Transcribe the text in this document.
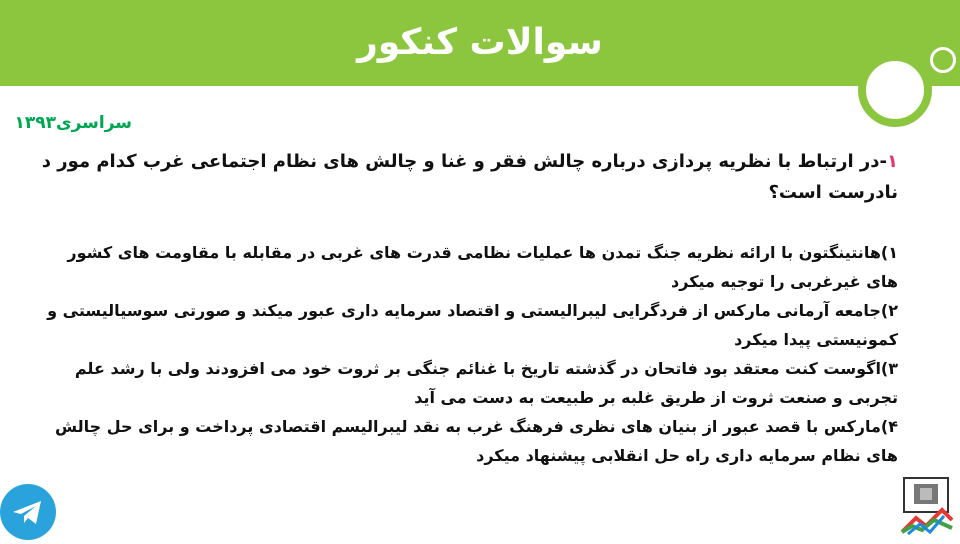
سوالات کنکور
سراسری۱۳۹۳
۱-در ارتباط با نظریه پردازی درباره چالش فقر و غنا و چالش های نظام اجتماعی غرب کدام مور د نادرست است؟
۱)هانتینگتون با ارائه نظریه جنگ تمدن ها عملیات نظامی قدرت های غربی در مقابله با مقاومت های کشور های غیرغربی را توجیه میکرد
۲)جامعه آرمانی مارکس از فردگرایی لیبرالیستی و اقتصاد سرمایه داری عبور میکند و صورتی سوسیالیستی و کمونیستی پیدا میکرد
۳)اگوست کنت معتقد بود فاتحان در گذشته تاریخ با غنائم جنگی بر ثروت خود می افزودند ولی با رشد علم تجربی و صنعت ثروت از طریق غلبه بر طبیعت به دست می آید
۴)مارکس با قصد عبور از بنیان های نظری فرهنگ غرب به نقد لیبرالیسم اقتصادی پرداخت و برای حل چالش های نظام سرمایه داری راه حل انقلابی پیشنهاد میکرد
